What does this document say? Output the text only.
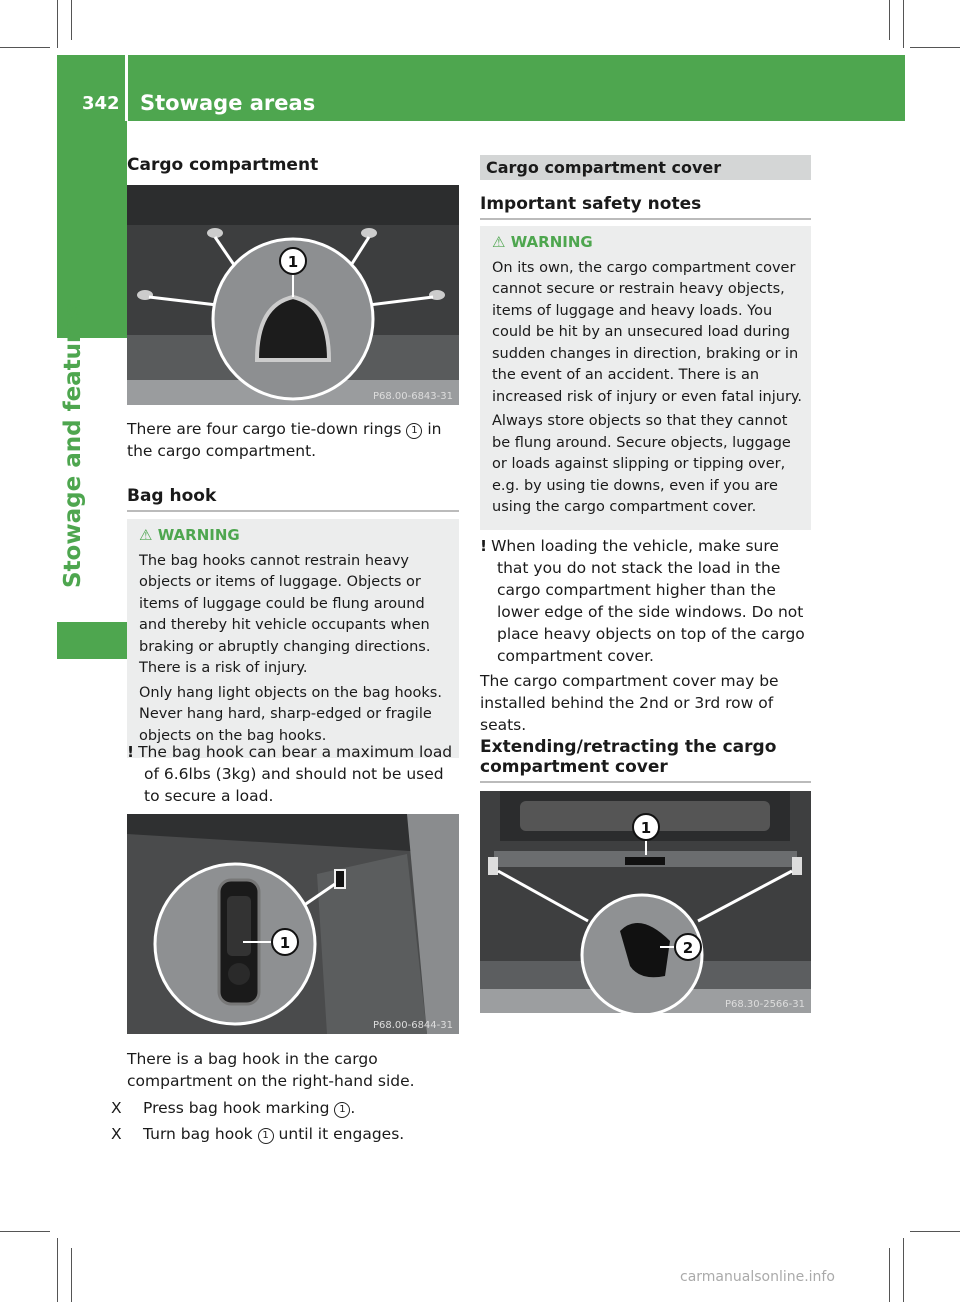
342 Stowage areas
Stowage and features

Cargo compartment

1
P68.00-6843-31

There are four cargo tie-down rings 1 in the cargo compartment.

Bag hook

⚠ WARNING

The bag hooks cannot restrain heavy objects or items of luggage. Objects or items of luggage could be flung around and thereby hit vehicle occupants when braking or abruptly changing directions. There is a risk of injury.

Only hang light objects on the bag hooks. Never hang hard, sharp-edged or fragile objects on the bag hooks.

! The bag hook can bear a maximum load of 6.6lbs (3kg) and should not be used to secure a load.

1
P68.00-6844-31

There is a bag hook in the cargo compartment on the right-hand side.

X Press bag hook marking 1 .

X Turn bag hook 1 until it engages.

Cargo compartment cover

Important safety notes

⚠ WARNING

On its own, the cargo compartment cover cannot secure or restrain heavy objects, items of luggage and heavy loads. You could be hit by an unsecured load during sudden changes in direction, braking or in the event of an accident. There is an increased risk of injury or even fatal injury.

Always store objects so that they cannot be flung around. Secure objects, luggage or loads against slipping or tipping over, e.g. by using tie downs, even if you are using the cargo compartment cover.

! When loading the vehicle, make sure that you do not stack the load in the cargo compartment higher than the lower edge of the side windows. Do not place heavy objects on top of the cargo compartment cover.

The cargo compartment cover may be installed behind the 2nd or 3rd row of seats.

Extending/retracting the cargo compartment cover

1
2
P68.30-2566-31
carmanualsonline.info
